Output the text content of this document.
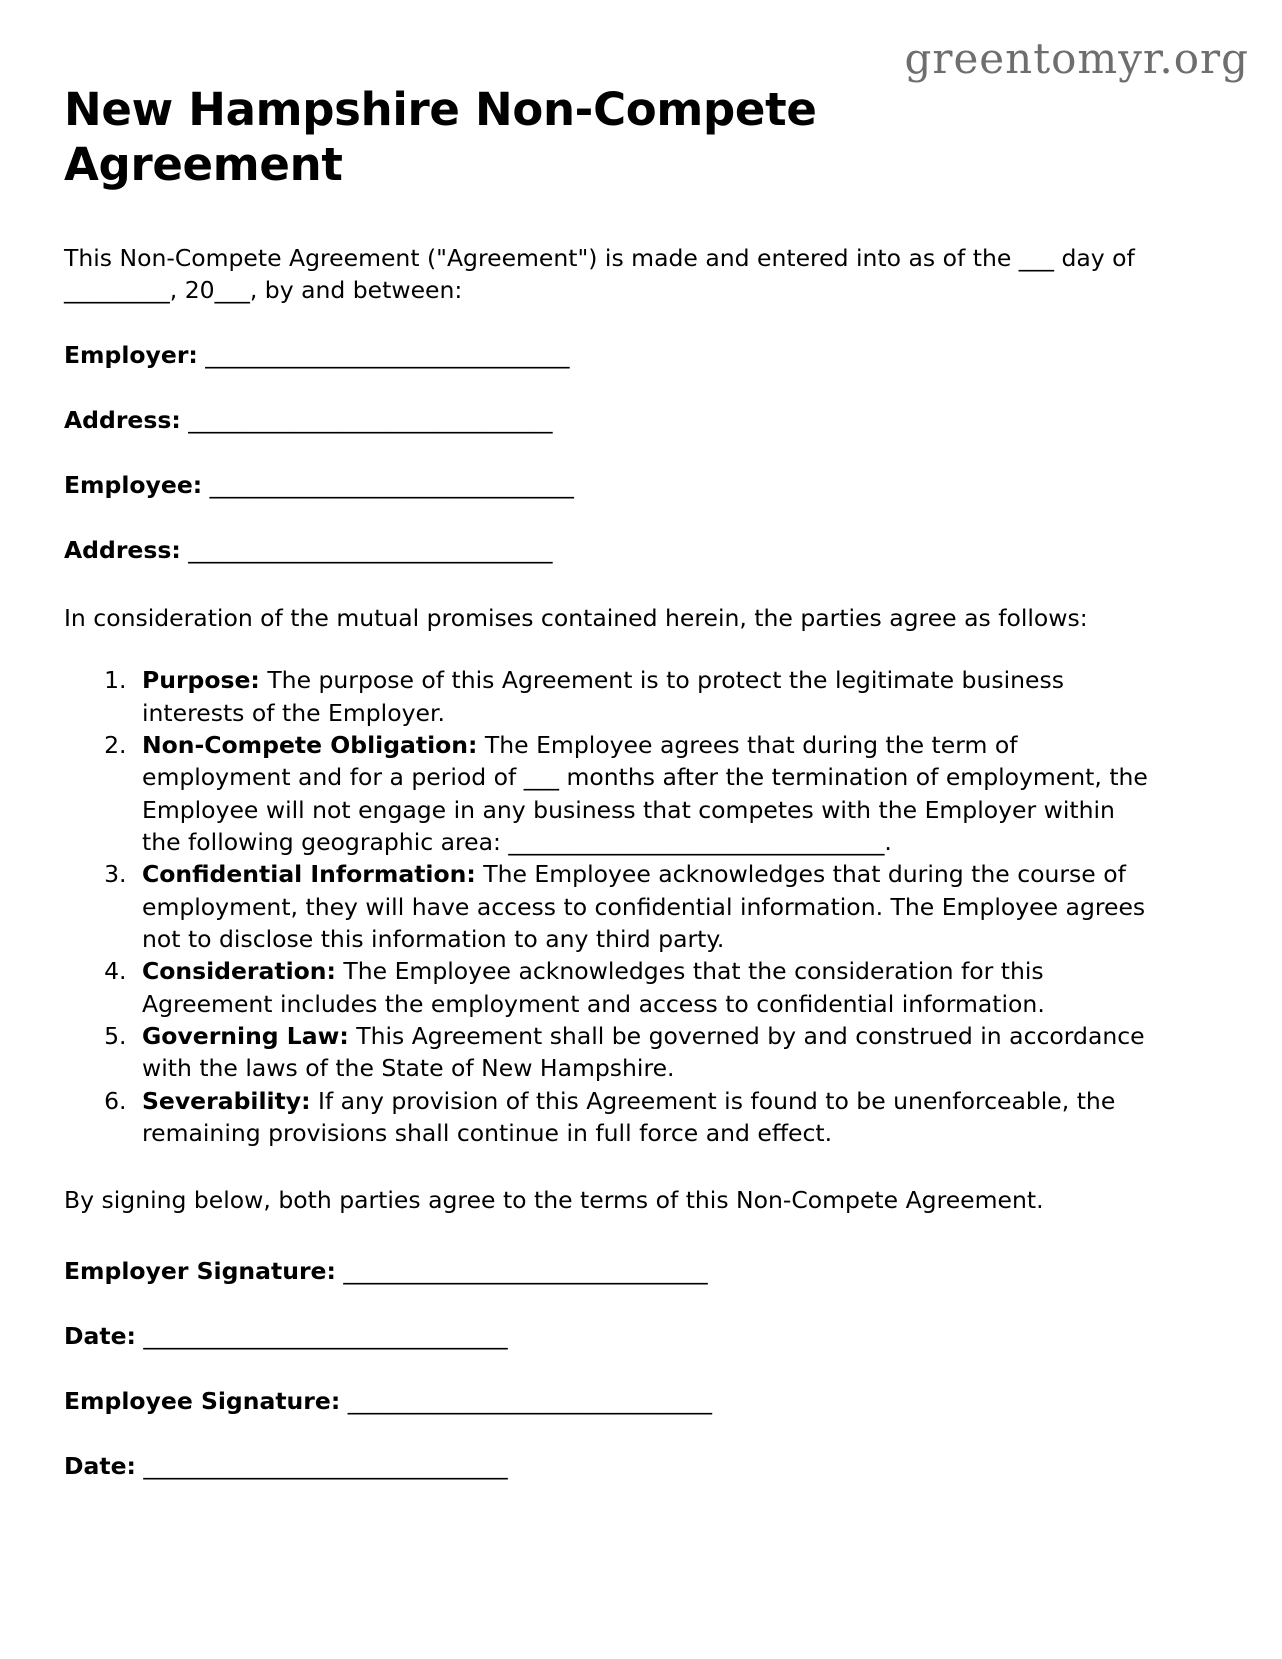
greentomyr.org
New Hampshire Non-Compete Agreement

This Non-Compete Agreement ("Agreement") is made and entered into as of the ___ day of _________, 20___, by and between:

Employer: _______________________________
Address: _______________________________
Employee: _______________________________
Address: _______________________________

In consideration of the mutual promises contained herein, the parties agree as follows:

1. Purpose: The purpose of this Agreement is to protect the legitimate business interests of the Employer.
2. Non-Compete Obligation: The Employee agrees that during the term of employment and for a period of ___ months after the termination of employment, the Employee will not engage in any business that competes with the Employer within the following geographic area: ________________________________.
3. Confidential Information: The Employee acknowledges that during the course of employment, they will have access to confidential information. The Employee agrees not to disclose this information to any third party.
4. Consideration: The Employee acknowledges that the consideration for this Agreement includes the employment and access to confidential information.
5. Governing Law: This Agreement shall be governed by and construed in accordance with the laws of the State of New Hampshire.
6. Severability: If any provision of this Agreement is found to be unenforceable, the remaining provisions shall continue in full force and effect.

By signing below, both parties agree to the terms of this Non-Compete Agreement.

Employer Signature: _______________________________
Date: _______________________________
Employee Signature: _______________________________
Date: _______________________________
